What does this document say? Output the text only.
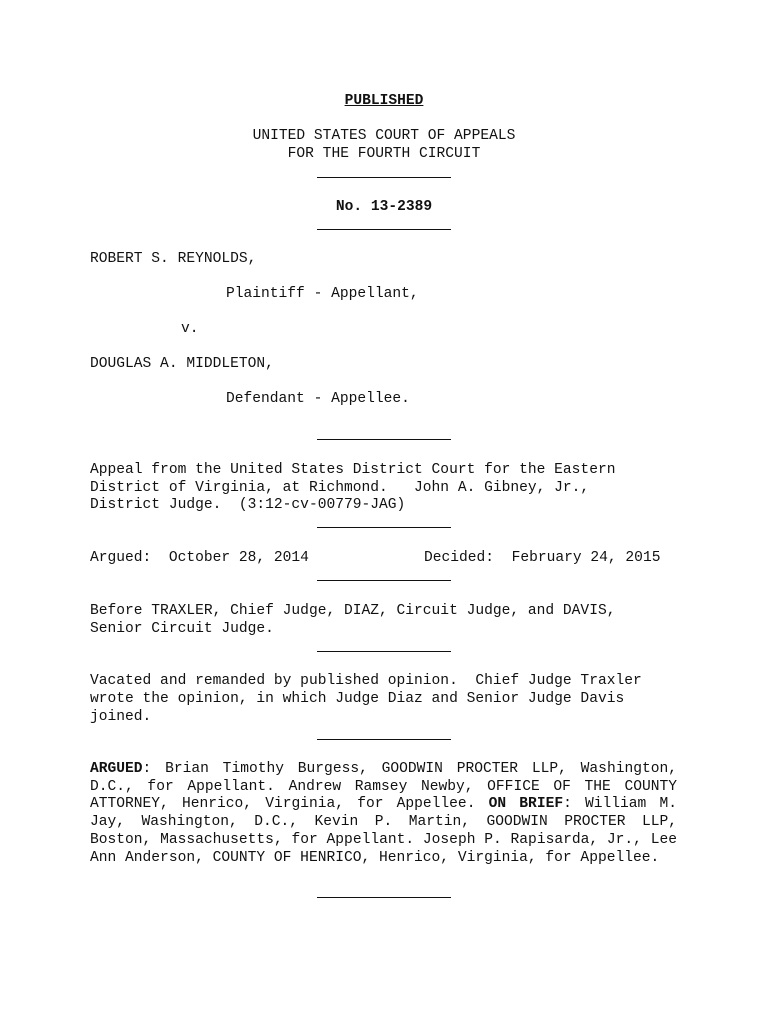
PUBLISHED
UNITED STATES COURT OF APPEALS
FOR THE FOURTH CIRCUIT
No. 13-2389
ROBERT S. REYNOLDS,
Plaintiff - Appellant,
v.
DOUGLAS A. MIDDLETON,
Defendant - Appellee.
Appeal from the United States District Court for the Eastern
District of Virginia, at Richmond.   John A. Gibney, Jr.,
District Judge.  (3:12-cv-00779-JAG)
Argued:  October 28, 2014	Decided:  February 24, 2015
Before TRAXLER, Chief Judge, DIAZ, Circuit Judge, and DAVIS,
Senior Circuit Judge.
Vacated and remanded by published opinion.  Chief Judge Traxler
wrote the opinion, in which Judge Diaz and Senior Judge Davis
joined.

ARGUED: Brian Timothy Burgess, GOODWIN PROCTER LLP, Washington, D.C., for Appellant. Andrew Ramsey Newby, OFFICE OF THE COUNTY ATTORNEY, Henrico, Virginia, for Appellee. ON BRIEF: William M. Jay, Washington, D.C., Kevin P. Martin, GOODWIN PROCTER LLP, Boston, Massachusetts, for Appellant. Joseph P. Rapisarda, Jr., Lee Ann Anderson, COUNTY OF HENRICO, Henrico, Virginia, for Appellee.
